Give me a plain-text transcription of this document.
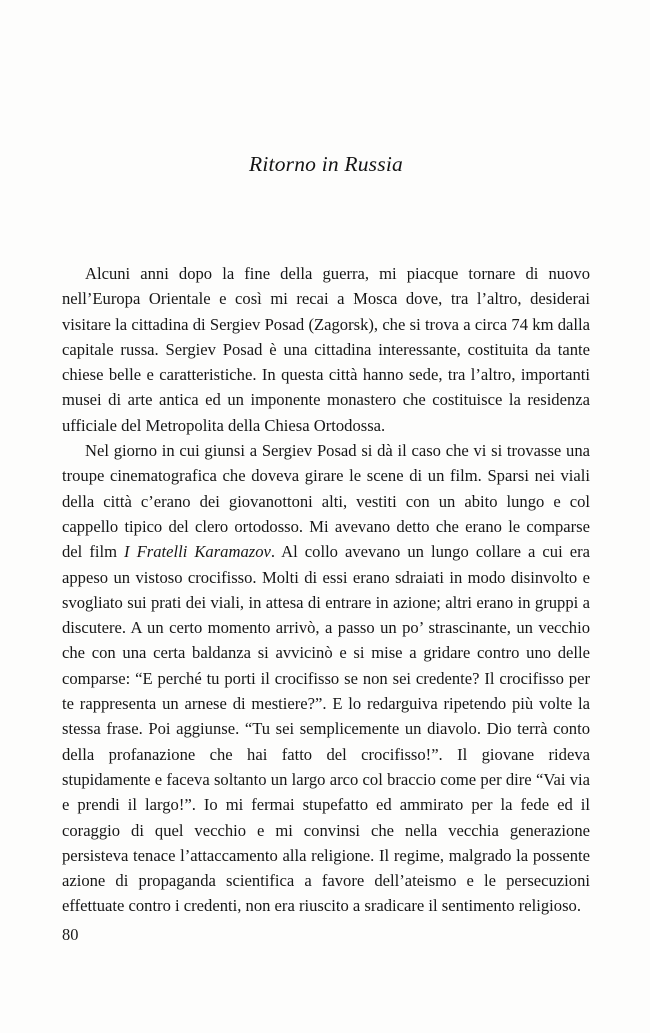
Ritorno in Russia

Alcuni anni dopo la fine della guerra, mi piacque tornare di nuovo nell’Europa Orientale e così mi recai a Mosca dove, tra l’altro, desiderai visitare la cittadina di Sergiev Posad (Zagorsk), che si trova a circa 74 km dalla capitale russa. Sergiev Posad è una cittadina interessante, costituita da tante chiese belle e caratteristiche. In questa città hanno sede, tra l’altro, importanti musei di arte antica ed un imponente monastero che costituisce la residenza ufficiale del Metropolita della Chiesa Ortodossa.

Nel giorno in cui giunsi a Sergiev Posad si dà il caso che vi si trovasse una troupe cinematografica che doveva girare le scene di un film. Sparsi nei viali della città c’erano dei giovanottoni alti, vestiti con un abito lungo e col cappello tipico del clero ortodosso. Mi avevano detto che erano le comparse del film I Fratelli Karamazov. Al collo avevano un lungo collare a cui era appeso un vistoso crocifisso. Molti di essi erano sdraiati in modo disinvolto e svogliato sui prati dei viali, in attesa di entrare in azione; altri erano in gruppi a discutere. A un certo momento arrivò, a passo un po’ strascinante, un vecchio che con una certa baldanza si avvicinò e si mise a gridare contro uno delle comparse: “E perché tu porti il crocifisso se non sei credente? Il crocifisso per te rappresenta un arnese di mestiere?”. E lo redarguiva ripetendo più volte la stessa frase. Poi aggiunse. “Tu sei semplicemente un diavolo. Dio terrà conto della profanazione che hai fatto del crocifisso!”. Il giovane rideva stupidamente e faceva soltanto un largo arco col braccio come per dire “Vai via e prendi il largo!”. Io mi fermai stupefatto ed ammirato per la fede ed il coraggio di quel vecchio e mi convinsi che nella vecchia generazione persisteva tenace l’attaccamento alla religione. Il regime, malgrado la possente azione di propaganda scientifica a favore dell’ateismo e le persecuzioni effettuate contro i credenti, non era riuscito a sradicare il sentimento religioso.

80
